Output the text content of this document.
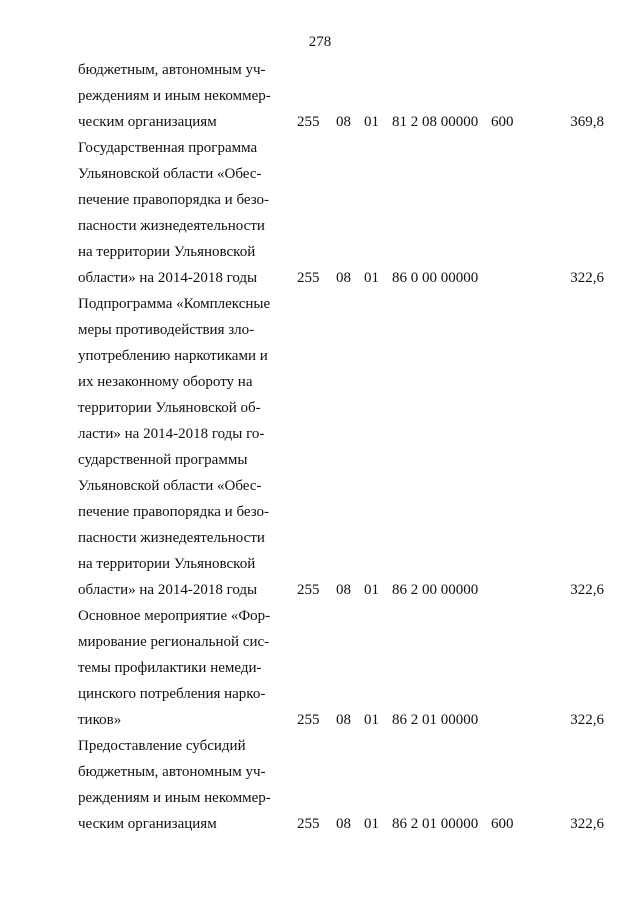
278

бюджетным, автономным уч-
реждениям и иным некоммер-
ческим организациям	255 08 01 81 2 08 00000 600	369,8

Государственная программа
Ульяновской области «Обес-
печение правопорядка и безо-
пасности жизнедеятельности
на территории Ульяновской
области» на 2014-2018 годы	255 08 01 86 0 00 00000	322,6

Подпрограмма «Комплексные
меры противодействия зло-
употреблению наркотиками и
их незаконному обороту на
территории Ульяновской об-
ласти» на 2014-2018 годы го-
сударственной программы
Ульяновской области «Обес-
печение правопорядка и безо-
пасности жизнедеятельности
на территории Ульяновской
области» на 2014-2018 годы	255 08 01 86 2 00 00000	322,6

Основное мероприятие «Фор-
мирование региональной сис-
темы профилактики немеди-
цинского потребления нарко-
тиков»	255 08 01 86 2 01 00000	322,6

Предоставление субсидий
бюджетным, автономным уч-
реждениям и иным некоммер-
ческим организациям	255 08 01 86 2 01 00000 600	322,6
